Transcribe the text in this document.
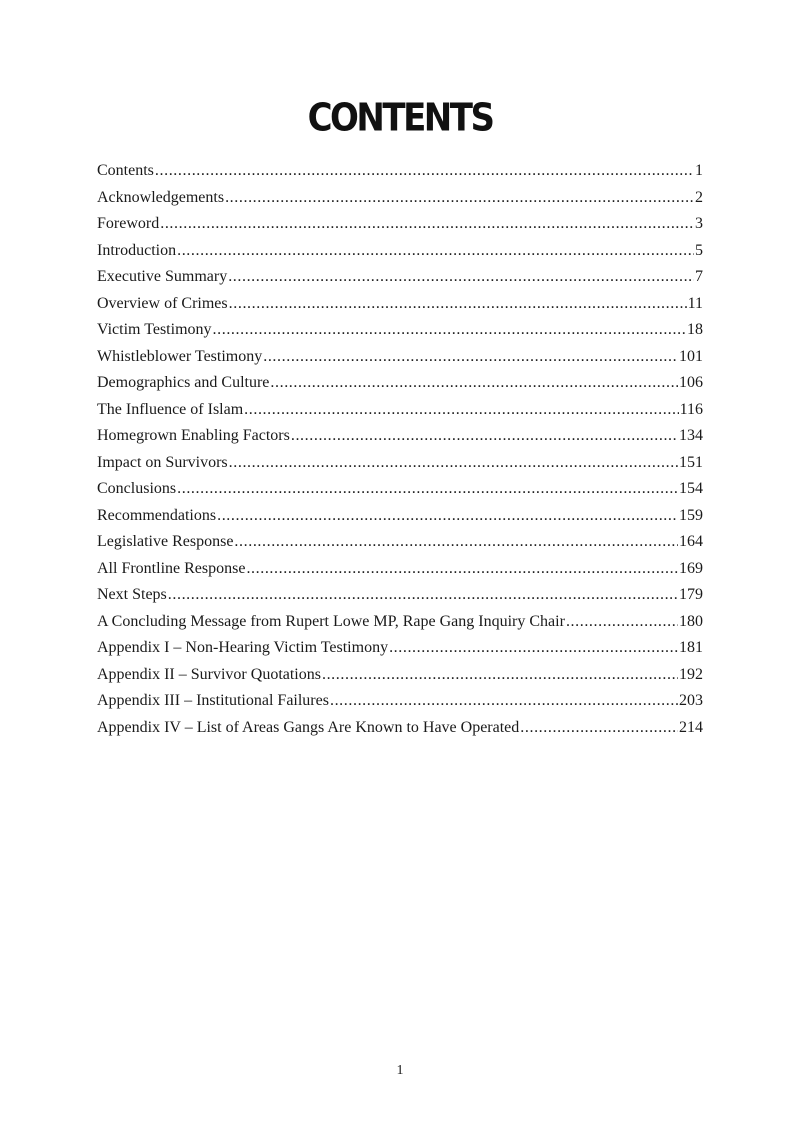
CONTENTS
Contents .....	1
Acknowledgements .....	2
Foreword .....	3
Introduction .....	5
Executive Summary .....	7
Overview of Crimes .....	11
Victim Testimony .....	18
Whistleblower Testimony .....	101
Demographics and Culture .....	106
The Influence of Islam .....	116
Homegrown Enabling Factors .....	134
Impact on Survivors .....	151
Conclusions .....	154
Recommendations .....	159
Legislative Response .....	164
All Frontline Response .....	169
Next Steps .....	179
A Concluding Message from Rupert Lowe MP, Rape Gang Inquiry Chair .....	180
Appendix I – Non-Hearing Victim Testimony .....	181
Appendix II – Survivor Quotations .....	192
Appendix III – Institutional Failures .....	203
Appendix IV – List of Areas Gangs Are Known to Have Operated .....	214
1
